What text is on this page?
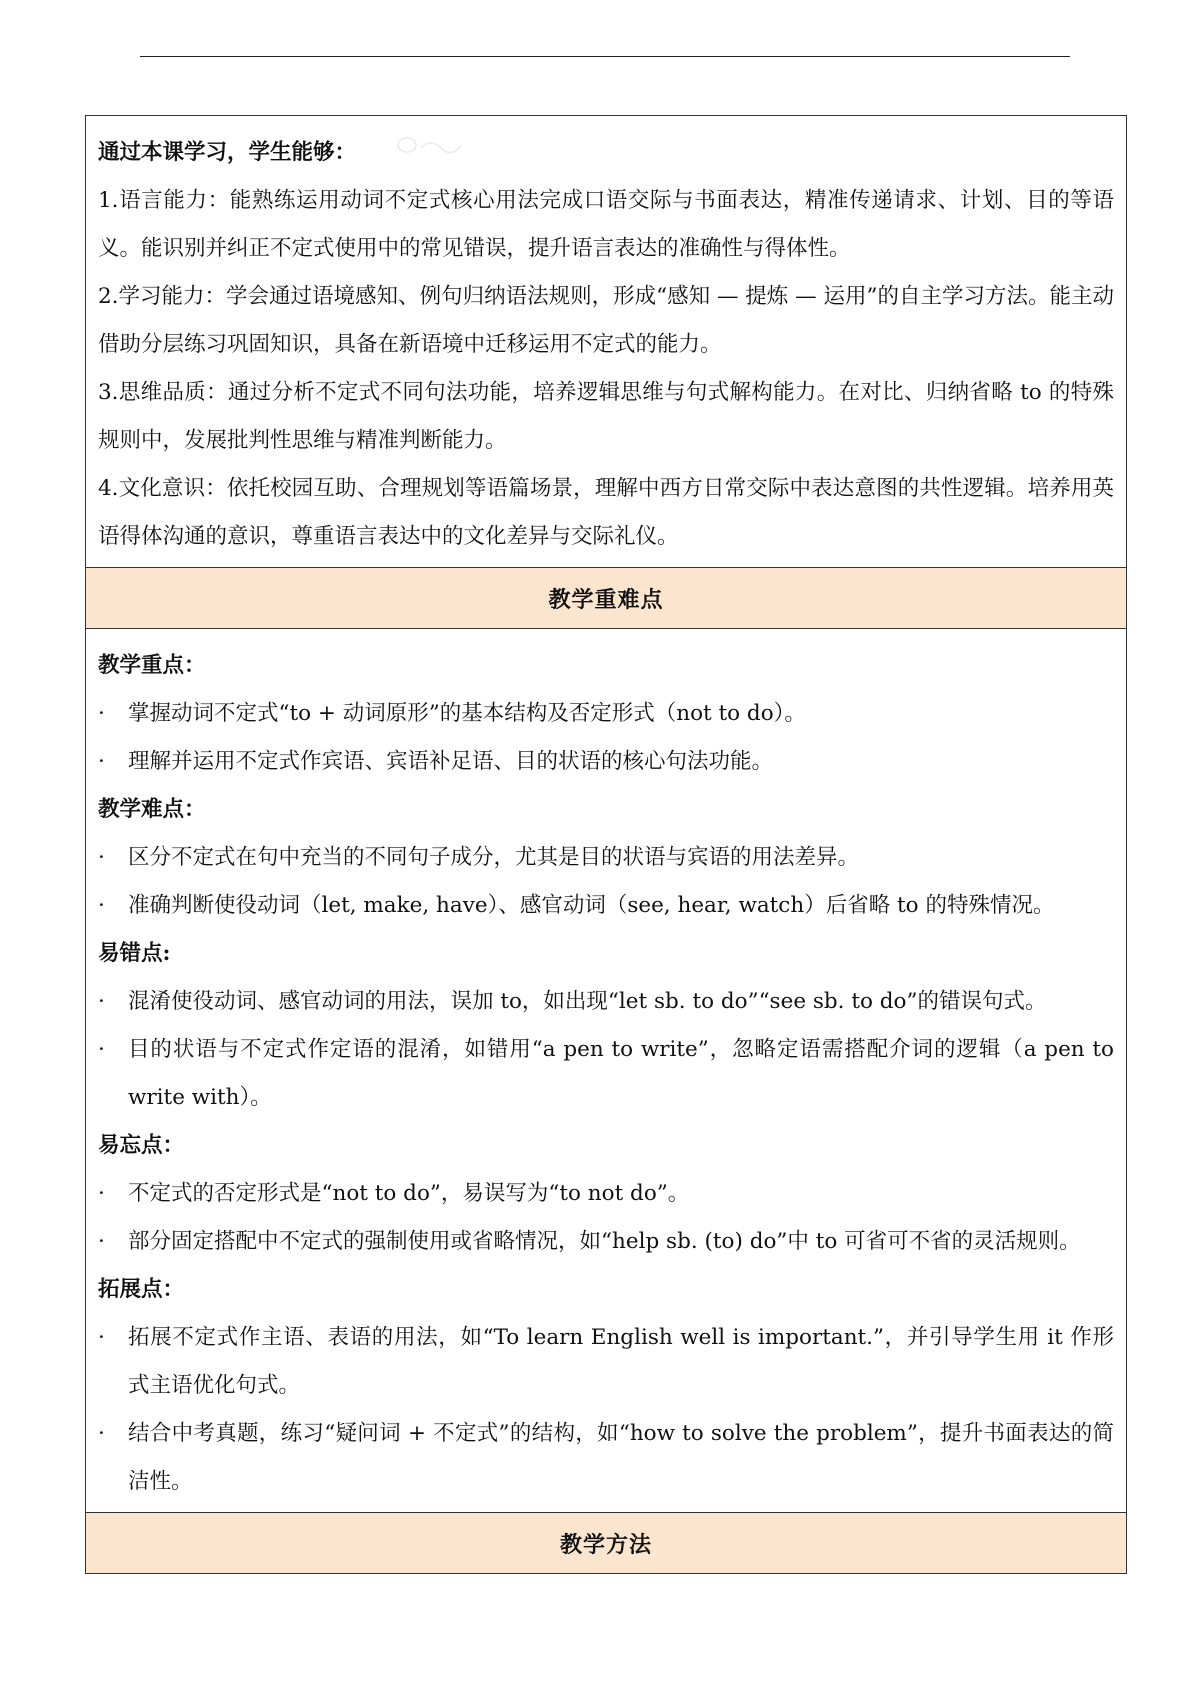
通过本课学习，学生能够：

1.语言能力：能熟练运用动词不定式核心用法完成口语交际与书面表达，精准传递请求、计划、目的等语义。能识别并纠正不定式使用中的常见错误，提升语言表达的准确性与得体性。

2.学习能力：学会通过语境感知、例句归纳语法规则，形成“感知 — 提炼 — 运用”的自主学习方法。能主动借助分层练习巩固知识，具备在新语境中迁移运用不定式的能力。

3.思维品质：通过分析不定式不同句法功能，培养逻辑思维与句式解构能力。在对比、归纳省略 to 的特殊规则中，发展批判性思维与精准判断能力。

4.文化意识：依托校园互助、合理规划等语篇场景，理解中西方日常交际中表达意图的共性逻辑。培养用英语得体沟通的意识，尊重语言表达中的文化差异与交际礼仪。

教学重难点

教学重点：

·	掌握动词不定式“to + 动词原形”的基本结构及否定形式（not to do）。
·	理解并运用不定式作宾语、宾语补足语、目的状语的核心句法功能。

教学难点：

·	区分不定式在句中充当的不同句子成分，尤其是目的状语与宾语的用法差异。
·	准确判断使役动词（let, make, have）、感官动词（see, hear, watch）后省略 to 的特殊情况。

易错点:

·	混淆使役动词、感官动词的用法，误加 to，如出现“let sb. to do”“see sb. to do”的错误句式。
·	目的状语与不定式作定语的混淆，如错用“a pen to write”，忽略定语需搭配介词的逻辑（a pen to write with）。

易忘点：

·	不定式的否定形式是“not to do”，易误写为“to not do”。
·	部分固定搭配中不定式的强制使用或省略情况，如“help sb. (to) do”中 to 可省可不省的灵活规则。

拓展点：

·	拓展不定式作主语、表语的用法，如“To learn English well is important.”，并引导学生用 it 作形式主语优化句式。
·	结合中考真题，练习“疑问词 + 不定式”的结构，如“how to solve the problem”，提升书面表达的简洁性。
教学方法
